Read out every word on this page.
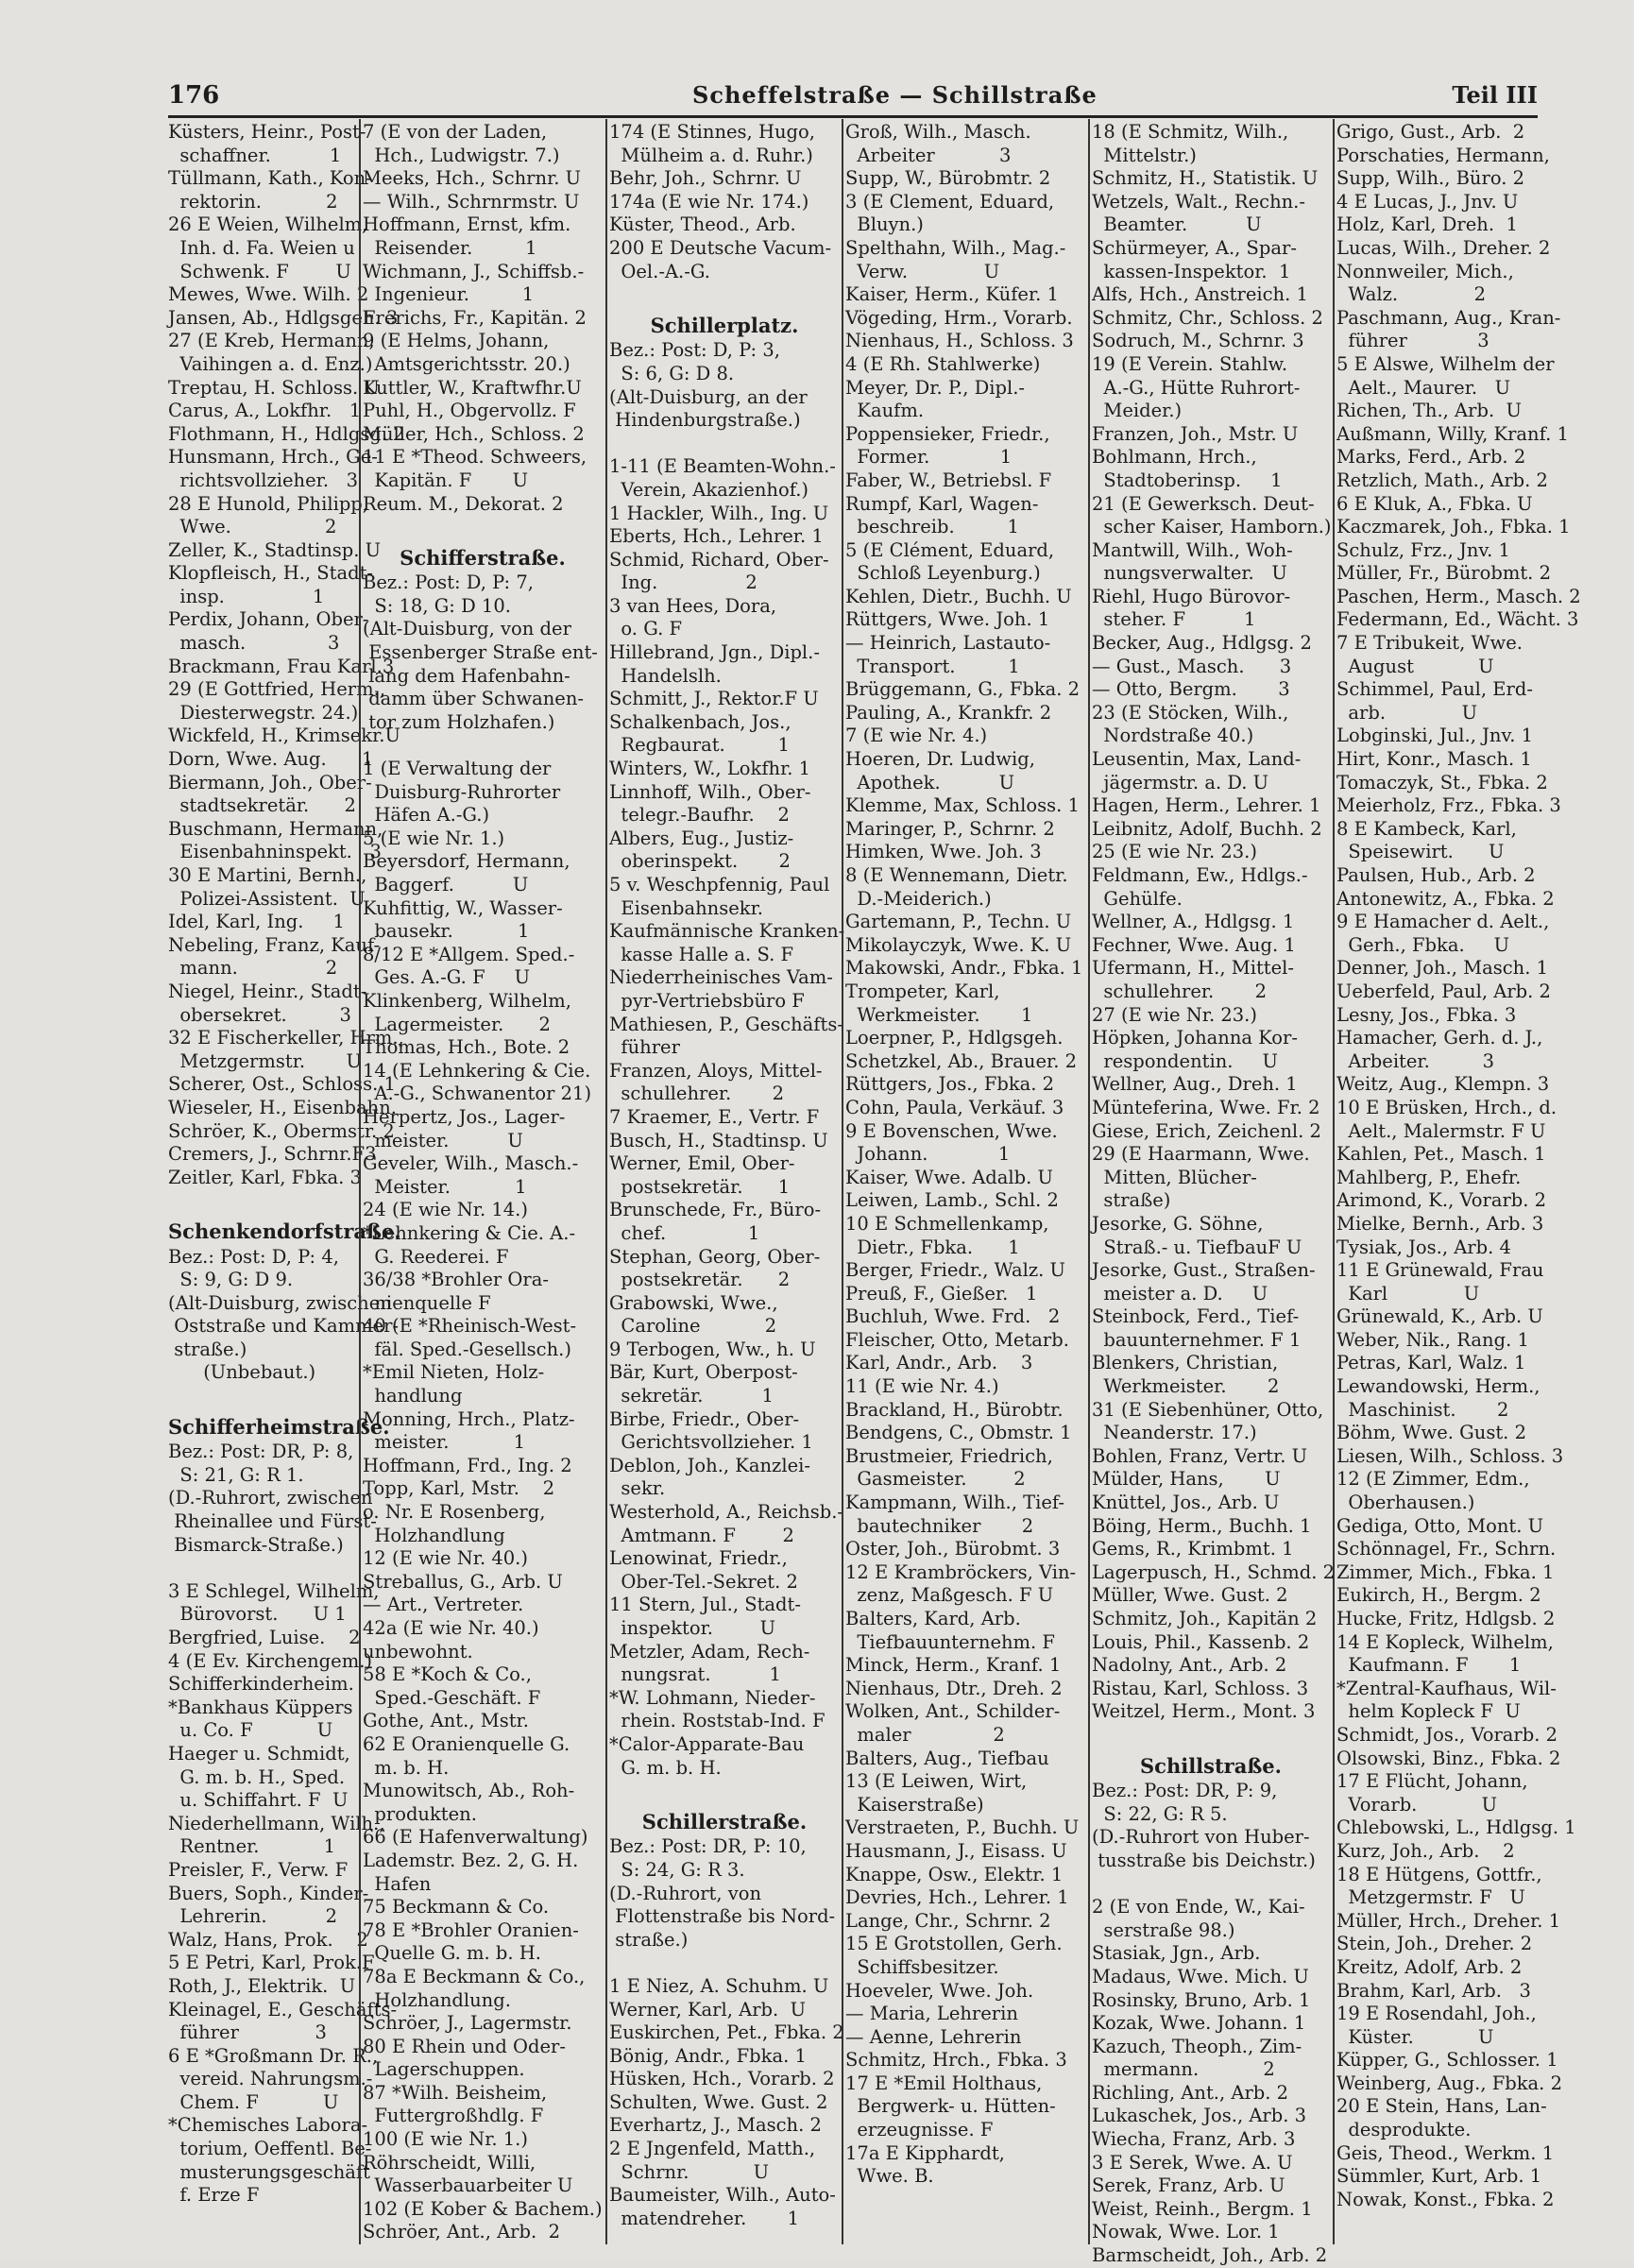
176	Scheffelstraße — Schillstraße	Teil III
Küsters, Heinr., Post-
schaffner.          1
Tüllmann, Kath., Kon-
rektorin.           2
26 E Weien, Wilhelm,
Inh. d. Fa. Weien u
Schwenk. F        U
Mewes, Wwe. Wilh. 2
Jansen, Ab., Hdlgsgeh. 3
27 (E Kreb, Hermann,
Vaihingen a. d. Enz.)
Treptau, H. Schloss. U
Carus, A., Lokfhr.   1
Flothmann, H., Hdlgsg. 2
Hunsmann, Hrch., Ge-
richtsvollzieher.   3
28 E Hunold, Philipp,
Wwe.                2
Zeller, K., Stadtinsp. U
Klopfleisch, H., Stadt-
insp.               1
Perdix, Johann, Ober-
masch.              3
Brackmann, Frau Karl.3
29 (E Gottfried, Herm.,
Diesterwegstr. 24.)
Wickfeld, H., Krimsekr.U
Dorn, Wwe. Aug.      1
Biermann, Joh., Ober-
stadtsekretär.      2
Buschmann, Hermann,
Eisenbahninspekt.   3
30 E Martini, Bernh.,
Polizei-Assistent.  U
Idel, Karl, Ing.     1
Nebeling, Franz, Kauf-
mann.               2
Niegel, Heinr., Stadt-
obersekret.         3
32 E Fischerkeller, Hrm.,
Metzgermstr.       U
Scherer, Ost., Schloss. 1
Wieseler, H., Eisenbahn.
Schröer, K., Obermstr. 2
Cremers, J., Schrnr.F3
Zeitler, Karl, Fbka. 3

Schenkendorfstraße.
Bez.: Post: D, P: 4,
S: 9, G: D 9.
(Alt-Duisburg, zwischen
Oststraße und Kammer-
straße.)
(Unbebaut.)

Schifferheimstraße.
Bez.: Post: DR, P: 8,
S: 21, G: R 1.
(D.-Ruhrort, zwischen
Rheinallee und Fürst-
Bismarck-Straße.)

3 E Schlegel, Wilhelm,
Bürovorst.      U 1
Bergfried, Luise.    2
4 (E Ev. Kirchengem.)
Schifferkinderheim.
*Bankhaus Küppers
u. Co. F           U
Haeger u. Schmidt,
G. m. b. H., Sped.
u. Schiffahrt. F  U
Niederhellmann, Wilh.,
Rentner.           1
Preisler, F., Verw. F
Buers, Soph., Kinder-
Lehrerin.          2
Walz, Hans, Prok.    2
5 E Petri, Karl, Prok.F
Roth, J., Elektrik.  U
Kleinagel, E., Geschäfts-
führer             3
6 E *Großmann Dr. R.,
vereid. Nahrungsm.-
Chem. F           U
*Chemisches Labora-
torium, Oeffentl. Be-
musterungsgeschäft
f. Erze F
7 (E von der Laden,
Hch., Ludwigstr. 7.)
Meeks, Hch., Schrnr. U
— Wilh., Schrnrmstr. U
Hoffmann, Ernst, kfm.
Reisender.         1
Wichmann, J., Schiffsb.-
Ingenieur.         1
Frerichs, Fr., Kapitän. 2
9 (E Helms, Johann,
Amtsgerichtsstr. 20.)
Kuttler, W., Kraftwfhr.U
Puhl, H., Obgervollz. F
Müller, Hch., Schloss. 2
11 E *Theod. Schweers,
Kapitän. F       U
Reum. M., Dekorat. 2

Schifferstraße.
Bez.: Post: D, P: 7,
S: 18, G: D 10.
(Alt-Duisburg, von der
Essenberger Straße ent-
lang dem Hafenbahn-
damm über Schwanen-
tor zum Holzhafen.)

1 (E Verwaltung der
Duisburg-Ruhrorter
Häfen A.-G.)
5 (E wie Nr. 1.)
Beyersdorf, Hermann,
Baggerf.          U
Kuhfittig, W., Wasser-
bausekr.           1
8/12 E *Allgem. Sped.-
Ges. A.-G. F     U
Klinkenberg, Wilhelm,
Lagermeister.      2
Thomas, Hch., Bote. 2
14 (E Lehnkering & Cie.
A.-G., Schwanentor 21)
Herpertz, Jos., Lager-
meister.          U
Geveler, Wilh., Masch.-
Meister.           1
24 (E wie Nr. 14.)
*Lehnkering & Cie. A.-
G. Reederei. F
36/38 *Brohler Ora-
nienquelle F
40 (E *Rheinisch-West-
fäl. Sped.-Gesellsch.)
*Emil Nieten, Holz-
handlung
Monning, Hrch., Platz-
meister.           1
Hoffmann, Frd., Ing. 2
Topp, Karl, Mstr.    2
o. Nr. E Rosenberg,
Holzhandlung
12 (E wie Nr. 40.)
Streballus, G., Arb. U
— Art., Vertreter.
42a (E wie Nr. 40.)
unbewohnt.
58 E *Koch & Co.,
Sped.-Geschäft. F
Gothe, Ant., Mstr.
62 E Oranienquelle G.
m. b. H.
Munowitsch, Ab., Roh-
produkten.
66 (E Hafenverwaltung)
Lademstr. Bez. 2, G. H.
Hafen
75 Beckmann & Co.
78 E *Brohler Oranien-
Quelle G. m. b. H.
78a E Beckmann & Co.,
Holzhandlung.
Schröer, J., Lagermstr.
80 E Rhein und Oder-
Lagerschuppen.
87 *Wilh. Beisheim,
Futtergroßhdlg. F
100 (E wie Nr. 1.)
Röhrscheidt, Willi,
Wasserbauarbeiter U
102 (E Kober & Bachem.)
Schröer, Ant., Arb.  2
174 (E Stinnes, Hugo,
Mülheim a. d. Ruhr.)
Behr, Joh., Schrnr. U
174a (E wie Nr. 174.)
Küster, Theod., Arb.
200 E Deutsche Vacum-
Oel.-A.-G.

Schillerplatz.
Bez.: Post: D, P: 3,
S: 6, G: D 8.
(Alt-Duisburg, an der
Hindenburgstraße.)

1-11 (E Beamten-Wohn.-
Verein, Akazienhof.)
1 Hackler, Wilh., Ing. U
Eberts, Hch., Lehrer. 1
Schmid, Richard, Ober-
Ing.               2
3 van Hees, Dora,
o. G. F
Hillebrand, Jgn., Dipl.-
Handelslh.
Schmitt, J., Rektor.F U
Schalkenbach, Jos.,
Regbaurat.         1
Winters, W., Lokfhr. 1
Linnhoff, Wilh., Ober-
telegr.-Baufhr.    2
Albers, Eug., Justiz-
oberinspekt.       2
5 v. Weschpfennig, Paul
Eisenbahnsekr.
Kaufmännische Kranken-
kasse Halle a. S. F
Niederrheinisches Vam-
pyr-Vertriebsbüro F
Mathiesen, P., Geschäfts-
führer
Franzen, Aloys, Mittel-
schullehrer.       2
7 Kraemer, E., Vertr. F
Busch, H., Stadtinsp. U
Werner, Emil, Ober-
postsekretär.      1
Brunschede, Fr., Büro-
chef.              1
Stephan, Georg, Ober-
postsekretär.      2
Grabowski, Wwe.,
Caroline           2
9 Terbogen, Ww., h. U
Bär, Kurt, Oberpost-
sekretär.          1
Birbe, Friedr., Ober-
Gerichtsvollzieher. 1
Deblon, Joh., Kanzlei-
sekr.
Westerhold, A., Reichsb.-
Amtmann. F        2
Lenowinat, Friedr.,
Ober-Tel.-Sekret. 2
11 Stern, Jul., Stadt-
inspektor.        U
Metzler, Adam, Rech-
nungsrat.          1
*W. Lohmann, Nieder-
rhein. Roststab-Ind. F
*Calor-Apparate-Bau
G. m. b. H.

Schillerstraße.
Bez.: Post: DR, P: 10,
S: 24, G: R 3.
(D.-Ruhrort, von
Flottenstraße bis Nord-
straße.)

1 E Niez, A. Schuhm. U
Werner, Karl, Arb.  U
Euskirchen, Pet., Fbka. 2
Bönig, Andr., Fbka. 1
Hüsken, Hch., Vorarb. 2
Schulten, Wwe. Gust. 2
Everhartz, J., Masch. 2
2 E Jngenfeld, Matth.,
Schrnr.           U
Baumeister, Wilh., Auto-
matendreher.       1
Groß, Wilh., Masch.
Arbeiter           3
Supp, W., Bürobmtr. 2
3 (E Clement, Eduard,
Bluyn.)
Spelthahn, Wilh., Mag.-
Verw.             U
Kaiser, Herm., Küfer. 1
Vögeding, Hrm., Vorarb.
Nienhaus, H., Schloss. 3
4 (E Rh. Stahlwerke)
Meyer, Dr. P., Dipl.-
Kaufm.
Poppensieker, Friedr.,
Former.            1
Faber, W., Betriebsl. F
Rumpf, Karl, Wagen-
beschreib.         1
5 (E Clément, Eduard,
Schloß Leyenburg.)
Kehlen, Dietr., Buchh. U
Rüttgers, Wwe. Joh. 1
— Heinrich, Lastauto-
Transport.         1
Brüggemann, G., Fbka. 2
Pauling, A., Krankfr. 2
7 (E wie Nr. 4.)
Hoeren, Dr. Ludwig,
Apothek.          U
Klemme, Max, Schloss. 1
Maringer, P., Schrnr. 2
Himken, Wwe. Joh. 3
8 (E Wennemann, Dietr.
D.-Meiderich.)
Gartemann, P., Techn. U
Mikolayczyk, Wwe. K. U
Makowski, Andr., Fbka. 1
Trompeter, Karl,
Werkmeister.       1
Loerpner, P., Hdlgsgeh.
Schetzkel, Ab., Brauer. 2
Rüttgers, Jos., Fbka. 2
Cohn, Paula, Verkäuf. 3
9 E Bovenschen, Wwe.
Johann.            1
Kaiser, Wwe. Adalb. U
Leiwen, Lamb., Schl. 2
10 E Schmellenkamp,
Dietr., Fbka.      1
Berger, Friedr., Walz. U
Preuß, F., Gießer.   1
Buchluh, Wwe. Frd.   2
Fleischer, Otto, Metarb.
Karl, Andr., Arb.    3
11 (E wie Nr. 4.)
Brackland, H., Bürobtr.
Bendgens, C., Obmstr. 1
Brustmeier, Friedrich,
Gasmeister.        2
Kampmann, Wilh., Tief-
bautechniker       2
Oster, Joh., Bürobmt. 3
12 E Krambröckers, Vin-
zenz, Maßgesch. F U
Balters, Kard, Arb.
Tiefbauunternehm. F
Minck, Herm., Kranf. 1
Nienhaus, Dtr., Dreh. 2
Wolken, Ant., Schilder-
maler              2
Balters, Aug., Tiefbau
13 (E Leiwen, Wirt,
Kaiserstraße)
Verstraeten, P., Buchh. U
Hausmann, J., Eisass. U
Knappe, Osw., Elektr. 1
Devries, Hch., Lehrer. 1
Lange, Chr., Schrnr. 2
15 E Grotstollen, Gerh.
Schiffsbesitzer.
Hoeveler, Wwe. Joh.
— Maria, Lehrerin
— Aenne, Lehrerin
Schmitz, Hrch., Fbka. 3
17 E *Emil Holthaus,
Bergwerk- u. Hütten-
erzeugnisse. F
17a E Kipphardt,
Wwe. B.
18 (E Schmitz, Wilh.,
Mittelstr.)
Schmitz, H., Statistik. U
Wetzels, Walt., Rechn.-
Beamter.          U
Schürmeyer, A., Spar-
kassen-Inspektor.  1
Alfs, Hch., Anstreich. 1
Schmitz, Chr., Schloss. 2
Sodruch, M., Schrnr. 3
19 (E Verein. Stahlw.
A.-G., Hütte Ruhrort-
Meider.)
Franzen, Joh., Mstr. U
Bohlmann, Hrch.,
Stadtoberinsp.     1
21 (E Gewerksch. Deut-
scher Kaiser, Hamborn.)
Mantwill, Wilh., Woh-
nungsverwalter.   U
Riehl, Hugo Bürovor-
steher. F          1
Becker, Aug., Hdlgsg. 2
— Gust., Masch.      3
— Otto, Bergm.       3
23 (E Stöcken, Wilh.,
Nordstraße 40.)
Leusentin, Max, Land-
jägermstr. a. D. U
Hagen, Herm., Lehrer. 1
Leibnitz, Adolf, Buchh. 2
25 (E wie Nr. 23.)
Feldmann, Ew., Hdlgs.-
Gehülfe.
Wellner, A., Hdlgsg. 1
Fechner, Wwe. Aug. 1
Ufermann, H., Mittel-
schullehrer.       2
27 (E wie Nr. 23.)
Höpken, Johanna Kor-
respondentin.     U
Wellner, Aug., Dreh. 1
Münteferina, Wwe. Fr. 2
Giese, Erich, Zeichenl. 2
29 (E Haarmann, Wwe.
Mitten, Blücher-
straße)
Jesorke, G. Söhne,
Straß.- u. TiefbauF U
Jesorke, Gust., Straßen-
meister a. D.     U
Steinbock, Ferd., Tief-
bauunternehmer. F 1
Blenkers, Christian,
Werkmeister.       2
31 (E Siebenhüner, Otto,
Neanderstr. 17.)
Bohlen, Franz, Vertr. U
Mülder, Hans,       U
Knüttel, Jos., Arb. U
Böing, Herm., Buchh. 1
Gems, R., Krimbmt. 1
Lagerpusch, H., Schmd. 2
Müller, Wwe. Gust. 2
Schmitz, Joh., Kapitän 2
Louis, Phil., Kassenb. 2
Nadolny, Ant., Arb. 2
Ristau, Karl, Schloss. 3
Weitzel, Herm., Mont. 3

Schillstraße.
Bez.: Post: DR, P: 9,
S: 22, G: R 5.
(D.-Ruhrort von Huber-
tusstraße bis Deichstr.)

2 (E von Ende, W., Kai-
serstraße 98.)
Stasiak, Jgn., Arb.
Madaus, Wwe. Mich. U
Rosinsky, Bruno, Arb. 1
Kozak, Wwe. Johann. 1
Kazuch, Theoph., Zim-
mermann.           2
Richling, Ant., Arb. 2
Lukaschek, Jos., Arb. 3
Wiecha, Franz, Arb. 3
3 E Serek, Wwe. A. U
Serek, Franz, Arb. U
Weist, Reinh., Bergm. 1
Nowak, Wwe. Lor. 1
Barmscheidt, Joh., Arb. 2
Grigo, Gust., Arb.  2
Porschaties, Hermann,
Supp, Wilh., Büro. 2
4 E Lucas, J., Jnv. U
Holz, Karl, Dreh.  1
Lucas, Wilh., Dreher. 2
Nonnweiler, Mich.,
Walz.             2
Paschmann, Aug., Kran-
führer            3
5 E Alswe, Wilhelm der
Aelt., Maurer.   U
Richen, Th., Arb.  U
Außmann, Willy, Kranf. 1
Marks, Ferd., Arb. 2
Retzlich, Math., Arb. 2
6 E Kluk, A., Fbka. U
Kaczmarek, Joh., Fbka. 1
Schulz, Frz., Jnv. 1
Müller, Fr., Bürobmt. 2
Paschen, Herm., Masch. 2
Federmann, Ed., Wächt. 3
7 E Tribukeit, Wwe.
August           U
Schimmel, Paul, Erd-
arb.             U
Lobginski, Jul., Jnv. 1
Hirt, Konr., Masch. 1
Tomaczyk, St., Fbka. 2
Meierholz, Frz., Fbka. 3
8 E Kambeck, Karl,
Speisewirt.      U
Paulsen, Hub., Arb. 2
Antonewitz, A., Fbka. 2
9 E Hamacher d. Aelt.,
Gerh., Fbka.     U
Denner, Joh., Masch. 1
Ueberfeld, Paul, Arb. 2
Lesny, Jos., Fbka. 3
Hamacher, Gerh. d. J.,
Arbeiter.         3
Weitz, Aug., Klempn. 3
10 E Brüsken, Hrch., d.
Aelt., Malermstr. F U
Kahlen, Pet., Masch. 1
Mahlberg, P., Ehefr.
Arimond, K., Vorarb. 2
Mielke, Bernh., Arb. 3
Tysiak, Jos., Arb. 4
11 E Grünewald, Frau
Karl             U
Grünewald, K., Arb. U
Weber, Nik., Rang. 1
Petras, Karl, Walz. 1
Lewandowski, Herm.,
Maschinist.       2
Böhm, Wwe. Gust. 2
Liesen, Wilh., Schloss. 3
12 (E Zimmer, Edm.,
Oberhausen.)
Gediga, Otto, Mont. U
Schönnagel, Fr., Schrn.
Zimmer, Mich., Fbka. 1
Eukirch, H., Bergm. 2
Hucke, Fritz, Hdlgsb. 2
14 E Kopleck, Wilhelm,
Kaufmann. F       1
*Zentral-Kaufhaus, Wil-
helm Kopleck F  U
Schmidt, Jos., Vorarb. 2
Olsowski, Binz., Fbka. 2
17 E Flücht, Johann,
Vorarb.           U
Chlebowski, L., Hdlgsg. 1
Kurz, Joh., Arb.    2
18 E Hütgens, Gottfr.,
Metzgermstr. F   U
Müller, Hrch., Dreher. 1
Stein, Joh., Dreher. 2
Kreitz, Adolf, Arb. 2
Brahm, Karl, Arb.   3
19 E Rosendahl, Joh.,
Küster.           U
Küpper, G., Schlosser. 1
Weinberg, Aug., Fbka. 2
20 E Stein, Hans, Lan-
desprodukte.
Geis, Theod., Werkm. 1
Sümmler, Kurt, Arb. 1
Nowak, Konst., Fbka. 2
